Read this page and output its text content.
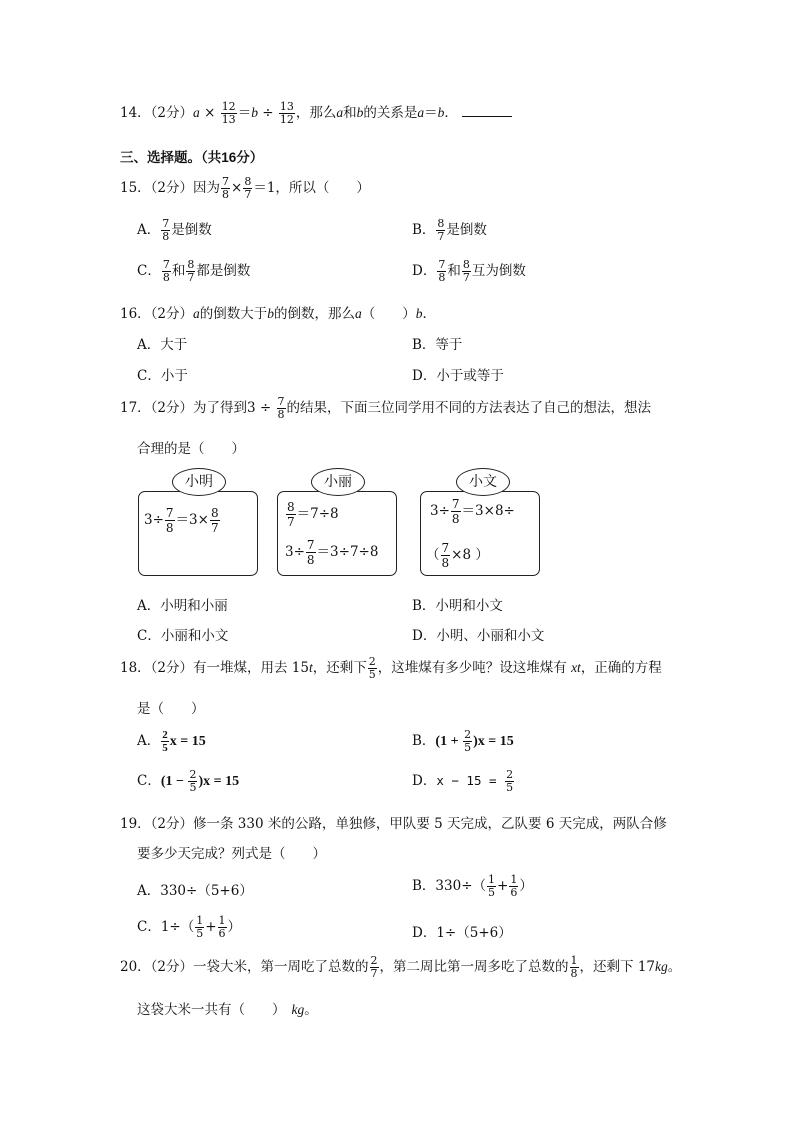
14．（2分）$a \times \frac{12}{13} =b \div \frac{13}{12}$ ，那么a和b的关系是a＝b．
三、选择题。（共16分）
15．（2分）因为 $\frac{7}{8} \times \frac{8}{7} =1$，所以（　　）
A． $\frac{7}{8}$ 是倒数	B． $\frac{8}{7}$ 是倒数
C． $\frac{7}{8}$ 和 $\frac{8}{7}$ 都是倒数	D． $\frac{7}{8}$ 和 $\frac{8}{7}$ 互为倒数
16．（2分）a的倒数大于b的倒数，那么a（　　）b．
A．大于	B．等于
C．小于	D．小于或等于
17．（2分）为了得到$3 \div \frac{7}{8}$ 的结果，下面三位同学用不同的方法表达了自己的想法，想法
合理的是（　　）
小明
$3\div \frac{7}{8} =3\times \frac{8}{7}$
小丽
$\frac{8}{7} =7\div 8$
$3\div \frac{7}{8} =3\div 7\div 8$
小文
$3\div \frac{7}{8} =3\times 8\div$
（ $\frac{7}{8} \times 8$ ）
A．小明和小丽	B．小明和小文
C．小丽和小文	D．小明、小丽和小文
18．（2分）有一堆煤，用去 15t，还剩下 $\frac{2}{5}$ ，这堆煤有多少吨？设这堆煤有 xt，正确的方程
是（　　）
A． $\frac{2}{5}$ x = 15	B．$(1 + \frac{2}{5} )x = 15$
C．$(1 - \frac{2}{5} )x = 15$	D．$x - 15 = \frac{2}{5}$
19．（2分）修一条 330 米的公路，单独修，甲队要 5 天完成，乙队要 6 天完成，两队合修
要多少天完成？列式是（　　）
A．330÷（5+6）	B．$330\div( \frac{1}{5} + \frac{1}{6}$ ）
C．$1\div( \frac{1}{5} + \frac{1}{6}$ ）	D．1÷（5+6）
20．（2分）一袋大米，第一周吃了总数的 $\frac{2}{7}$ ，第二周比第一周多吃了总数的 $\frac{1}{8}$ ，还剩下 17kg。
这袋大米一共有（　　） kg。
